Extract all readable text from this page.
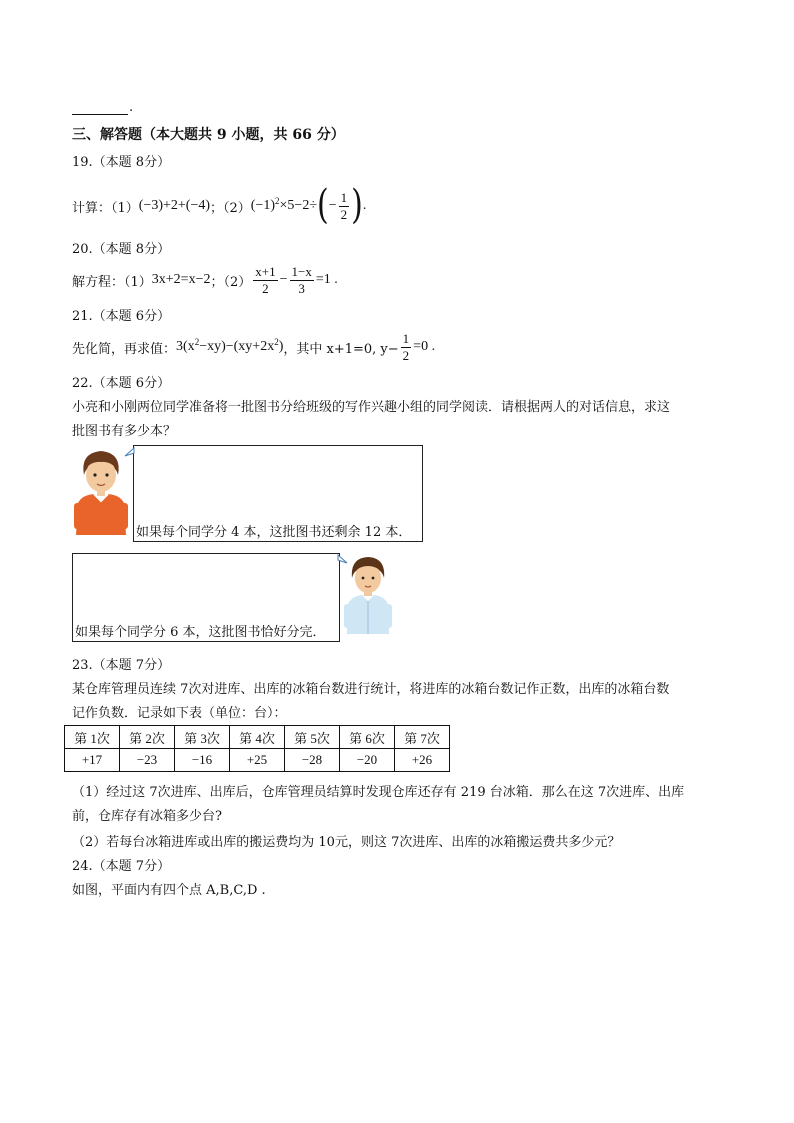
.
三、解答题（本大题共 9 小题，共 66 分）
19.（本题 8分）
计算：（1） (−3)+2+(−4) ；（2） $(-1)^2 \times 5-2\div$ ( − $\frac{1}{2}$ ) .
20.（本题 8分）
解方程：（1） 3x+2=x−2 ；$(2) \frac{x+1}{2} - \frac{1-x}{3} =1$ .
21.（本题 6分）
先化简，再求值： $3(x^2 -xy)-(xy+2x^2$ ) ，其中 x+1=0, $y- \frac{1}{2} =0$ .
22.（本题 6分）
小亮和小刚两位同学准备将一批图书分给班级的写作兴趣小组的同学阅读．请根据两人的对话信息，求这
批图书有多少本？
如果每个同学分 4 本，这批图书还剩余 12 本．
如果每个同学分 6 本，这批图书恰好分完．
23.（本题 7分）
某仓库管理员连续 7次对进库、出库的冰箱台数进行统计，将进库的冰箱台数记作正数，出库的冰箱台数
记作负数．记录如下表（单位：台）：
第 1次	第 2次	第 3次	第 4次	第 5次	第 6次	第 7次
+17	−23	−16	+25	−28	−20	+26
（1）经过这 7次进库、出库后，仓库管理员结算时发现仓库还存有 219 台冰箱．那么在这 7次进库、出库
前，仓库存有冰箱多少台?
（2）若每台冰箱进库或出库的搬运费均为 10元，则这 7次进库、出库的冰箱搬运费共多少元？
24.（本题 7分）
如图，平面内有四个点 A,B,C,D .
